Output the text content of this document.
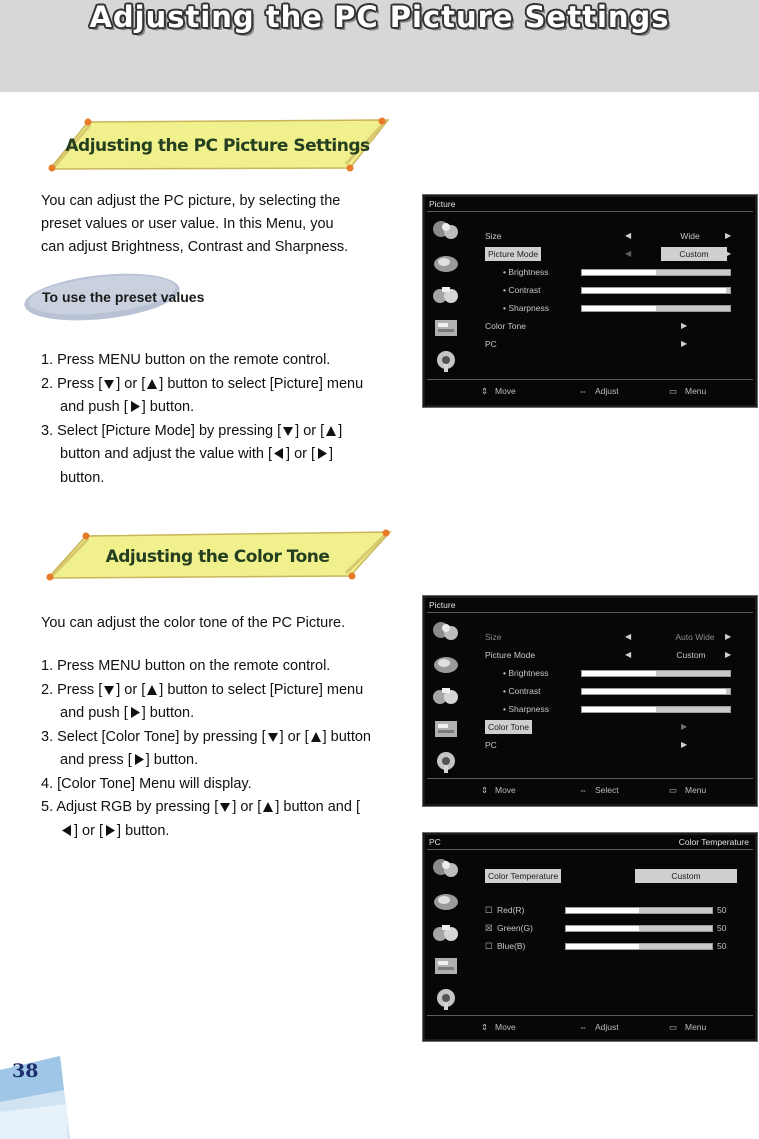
Adjusting the PC Picture Settings
Adjusting the PC Picture Settings

You can adjust the PC picture, by selecting the

preset values or user value. In this Menu, you

can adjust Brightness, Contrast and Sharpness.

To use the preset values
1. Press MENU button on the remote control.
2. Press [ ] or [ ] button to select [Picture] menu and push [ ] button.
3. Select [Picture Mode] by pressing [ ] or [ ] button and adjust the value with [ ] or [ ] button.
Adjusting the Color Tone

You can adjust the color tone of the PC Picture.

1. Press MENU button on the remote control.
2. Press [ ] or [ ] button to select [Picture] menu and push [ ] button.
3. Select [Color Tone] by pressing [ ] or [ ] button and press [ ] button.
4. [Color Tone] Menu will display.
5. Adjust RGB by pressing [ ] or [ ] button and [
] or [ ] button.
Picture
Size	◀	Wide	▶
Picture Mode	◀	Custom	▶
• Brightness
• Contrast
• Sharpness
Color Tone	▶
PC	▶
⇕ Move	⇔ Adjust	▭ Menu
Picture
Size	◀	Auto Wide	▶
Picture Mode	◀	Custom	▶
• Brightness
• Contrast
• Sharpness
Color Tone	▶
PC	▶
⇕ Move	⇔ Select	▭ Menu
PC	Color Temperature
Color Temperature	Custom
☐ Red(R)	50
☒ Green(G)	50
☐ Blue(B)	50
⇕ Move	⇔ Adjust	▭ Menu
38
